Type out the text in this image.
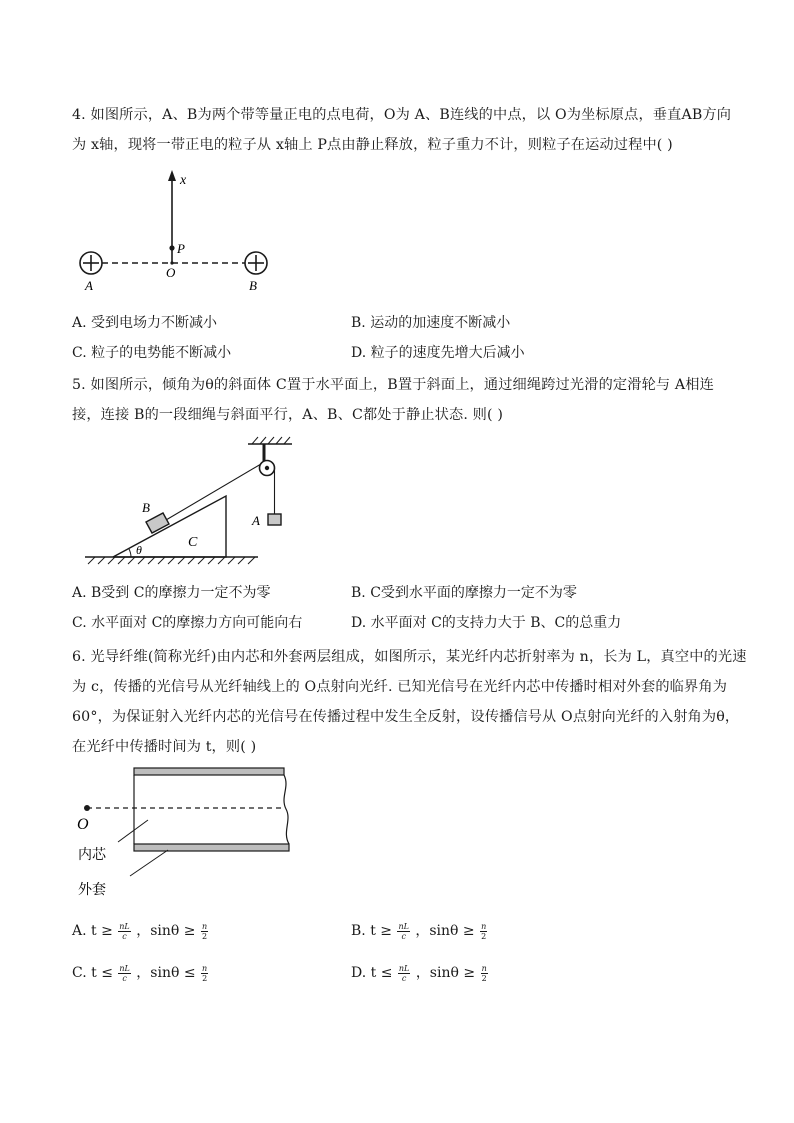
4. 如图所示，A、B为两个带等量正电的点电荷，O为 A、B连线的中点，以 O为坐标原点，垂直AB方向
为 x轴，现将一带正电的粒子从 x轴上 P点由静止释放，粒子重力不计，则粒子在运动过程中( )
x
P
O
A	B
A. 受到电场力不断减小	B. 运动的加速度不断减小
C. 粒子的电势能不断减小	D. 粒子的速度先增大后减小
5. 如图所示，倾角为θ的斜面体 C置于水平面上，B置于斜面上，通过细绳跨过光滑的定滑轮与 A相连
接，连接 B的一段细绳与斜面平行，A、B、C都处于静止状态. 则( )
A
C
B
θ
A. B受到 C的摩擦力一定不为零	B. C受到水平面的摩擦力一定不为零
C. 水平面对 C的摩擦力方向可能向右	D. 水平面对 C的支持力大于 B、C的总重力
6. 光导纤维(简称光纤)由内芯和外套两层组成，如图所示，某光纤内芯折射率为 n，长为 L，真空中的光速
为 c，传播的光信号从光纤轴线上的 O点射向光纤. 已知光信号在光纤内芯中传播时相对外套的临界角为
60°，为保证射入光纤内芯的光信号在传播过程中发生全反射，设传播信号从 O点射向光纤的入射角为θ，
在光纤中传播时间为 t，则( )
O
内芯
外套
A. $t \ge \frac{nL}{c}$ ，$\sin\theta \ge \frac{n}{2}$	B. $t \ge \frac{nL}{c}$ ，$\sin\theta \ge \frac{n}{2}$
C. $t \le \frac{nL}{c}$ ，$\sin\theta \le \frac{n}{2}$	D. $t \le \frac{nL}{c}$ ，$\sin\theta \ge \frac{n}{2}$
